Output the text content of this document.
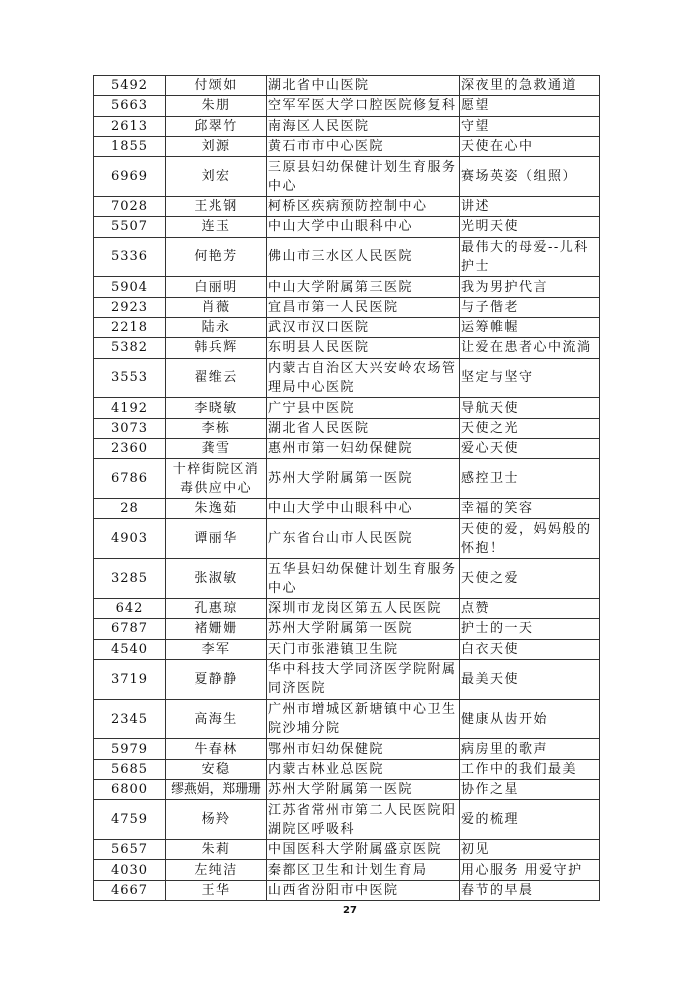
5492	付颂如	湖北省中山医院	深夜里的急救通道
5663	朱朋	空军军医大学口腔医院修复科	愿望
2613	邱翠竹	南海区人民医院	守望
1855	刘源	黄石市市中心医院	天使在心中
6969	刘宏	三原县妇幼保健计划生育服务中心	赛场英姿（组照）
7028	王兆钢	柯桥区疾病预防控制中心	讲述
5507	连玉	中山大学中山眼科中心	光明天使
5336	何艳芳	佛山市三水区人民医院	最伟大的母爱--儿科护士
5904	白丽明	中山大学附属第三医院	我为男护代言
2923	肖薇	宜昌市第一人民医院	与子偕老
2218	陆永	武汉市汉口医院	运筹帷幄
5382	韩兵辉	东明县人民医院	让爱在患者心中流淌
3553	翟维云	内蒙古自治区大兴安岭农场管理局中心医院	坚定与坚守
4192	李晓敏	广宁县中医院	导航天使
3073	李栋	湖北省人民医院	天使之光
2360	龚雪	惠州市第一妇幼保健院	爱心天使
6786	十梓街院区消毒供应中心	苏州大学附属第一医院	感控卫士
28	朱逸茹	中山大学中山眼科中心	幸福的笑容
4903	谭丽华	广东省台山市人民医院	天使的爱，妈妈般的怀抱！
3285	张淑敏	五华县妇幼保健计划生育服务中心	天使之爱
642	孔惠琼	深圳市龙岗区第五人民医院	点赞
6787	褚姗姗	苏州大学附属第一医院	护士的一天
4540	李军	天门市张港镇卫生院	白衣天使
3719	夏静静	华中科技大学同济医学院附属同济医院	最美天使
2345	高海生	广州市增城区新塘镇中心卫生院沙埔分院	健康从齿开始
5979	牛春林	鄂州市妇幼保健院	病房里的歌声
5685	安稳	内蒙古林业总医院	工作中的我们最美
6800	缪燕娟，郑珊珊	苏州大学附属第一医院	协作之星
4759	杨羚	江苏省常州市第二人民医院阳湖院区呼吸科	爱的梳理
5657	朱莉	中国医科大学附属盛京医院	初见
4030	左纯洁	秦都区卫生和计划生育局	用心服务 用爱守护
4667	王华	山西省汾阳市中医院	春节的早晨
27
